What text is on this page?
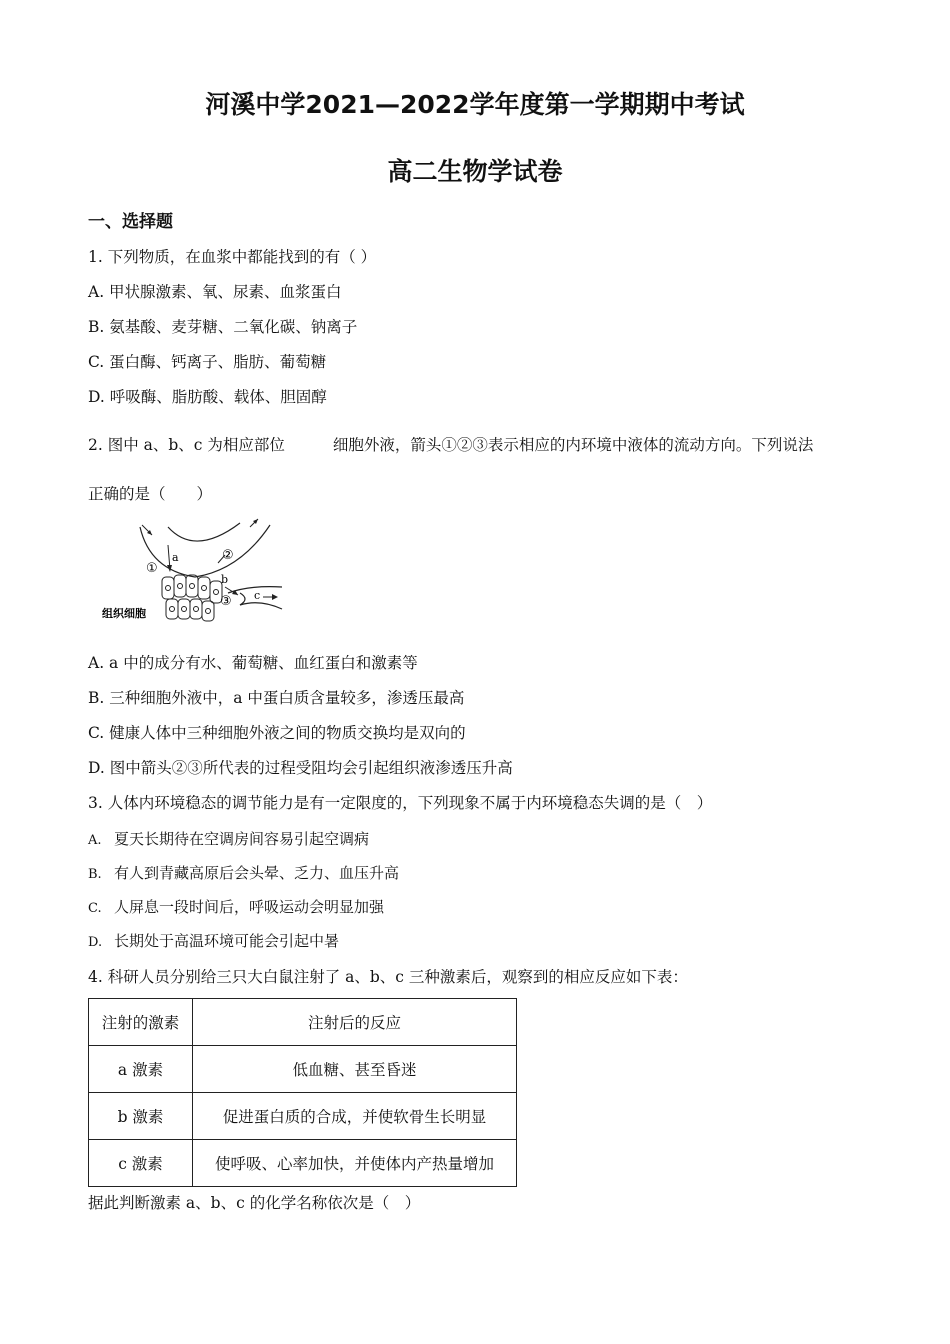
河溪中学2021—2022学年度第一学期期中考试
高二生物学试卷
一、选择题
1. 下列物质，在血浆中都能找到的有（ ）
A. 甲状腺激素、氧、尿素、血浆蛋白
B. 氨基酸、麦芽糖、二氧化碳、钠离子
C. 蛋白酶、钙离子、脂肪、葡萄糖
D. 呼吸酶、脂肪酸、载体、胆固醇
2. 图中 a、b、c 为相应部位	细胞外液，箭头①②③表示相应的内环境中液体的流动方向。下列说法
正确的是（　　）
a
①
②
组织细胞
b
③ c
A. a 中的成分有水、葡萄糖、血红蛋白和激素等
B. 三种细胞外液中，a 中蛋白质含量较多，渗透压最高
C. 健康人体中三种细胞外液之间的物质交换均是双向的
D. 图中箭头②③所代表的过程受阻均会引起组织液渗透压升高
3. 人体内环境稳态的调节能力是有一定限度的，下列现象不属于内环境稳态失调的是（　）
A. 夏天长期待在空调房间容易引起空调病
B. 有人到青藏高原后会头晕、乏力、血压升高
C. 人屏息一段时间后，呼吸运动会明显加强
D. 长期处于高温环境可能会引起中暑
4. 科研人员分别给三只大白鼠注射了 a、b、c 三种激素后，观察到的相应反应如下表：
注射的激素	注射后的反应
a 激素	低血糖、甚至昏迷
b 激素	促进蛋白质的合成，并使软骨生长明显
c 激素	使呼吸、心率加快，并使体内产热量增加
据此判断激素 a、b、c 的化学名称依次是（　）
